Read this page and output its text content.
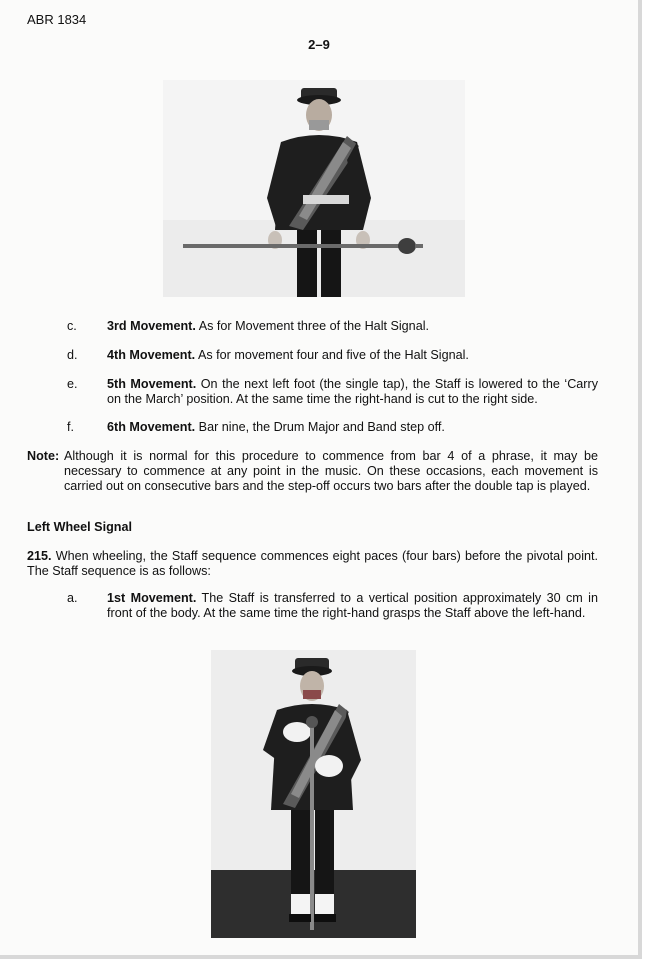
ABR 1834
2–9
c.	3rd Movement. As for Movement three of the Halt Signal.
d.	4th Movement. As for movement four and five of the Halt Signal.
e.	5th Movement. On the next left foot (the single tap), the Staff is lowered to the ‘Carry on the March’ position. At the same time the right-hand is cut to the right side.
f.	6th Movement. Bar nine, the Drum Major and Band step off.
Note: Although it is normal for this procedure to commence from bar 4 of a phrase, it may be necessary to commence at any point in the music. On these occasions, each movement is carried out on consecutive bars and the step-off occurs two bars after the double tap is played.
Left Wheel Signal
215. When wheeling, the Staff sequence commences eight paces (four bars) before the pivotal point. The Staff sequence is as follows:
a.	1st Movement. The Staff is transferred to a vertical position approximately 30 cm in front of the body. At the same time the right-hand grasps the Staff above the left-hand.
